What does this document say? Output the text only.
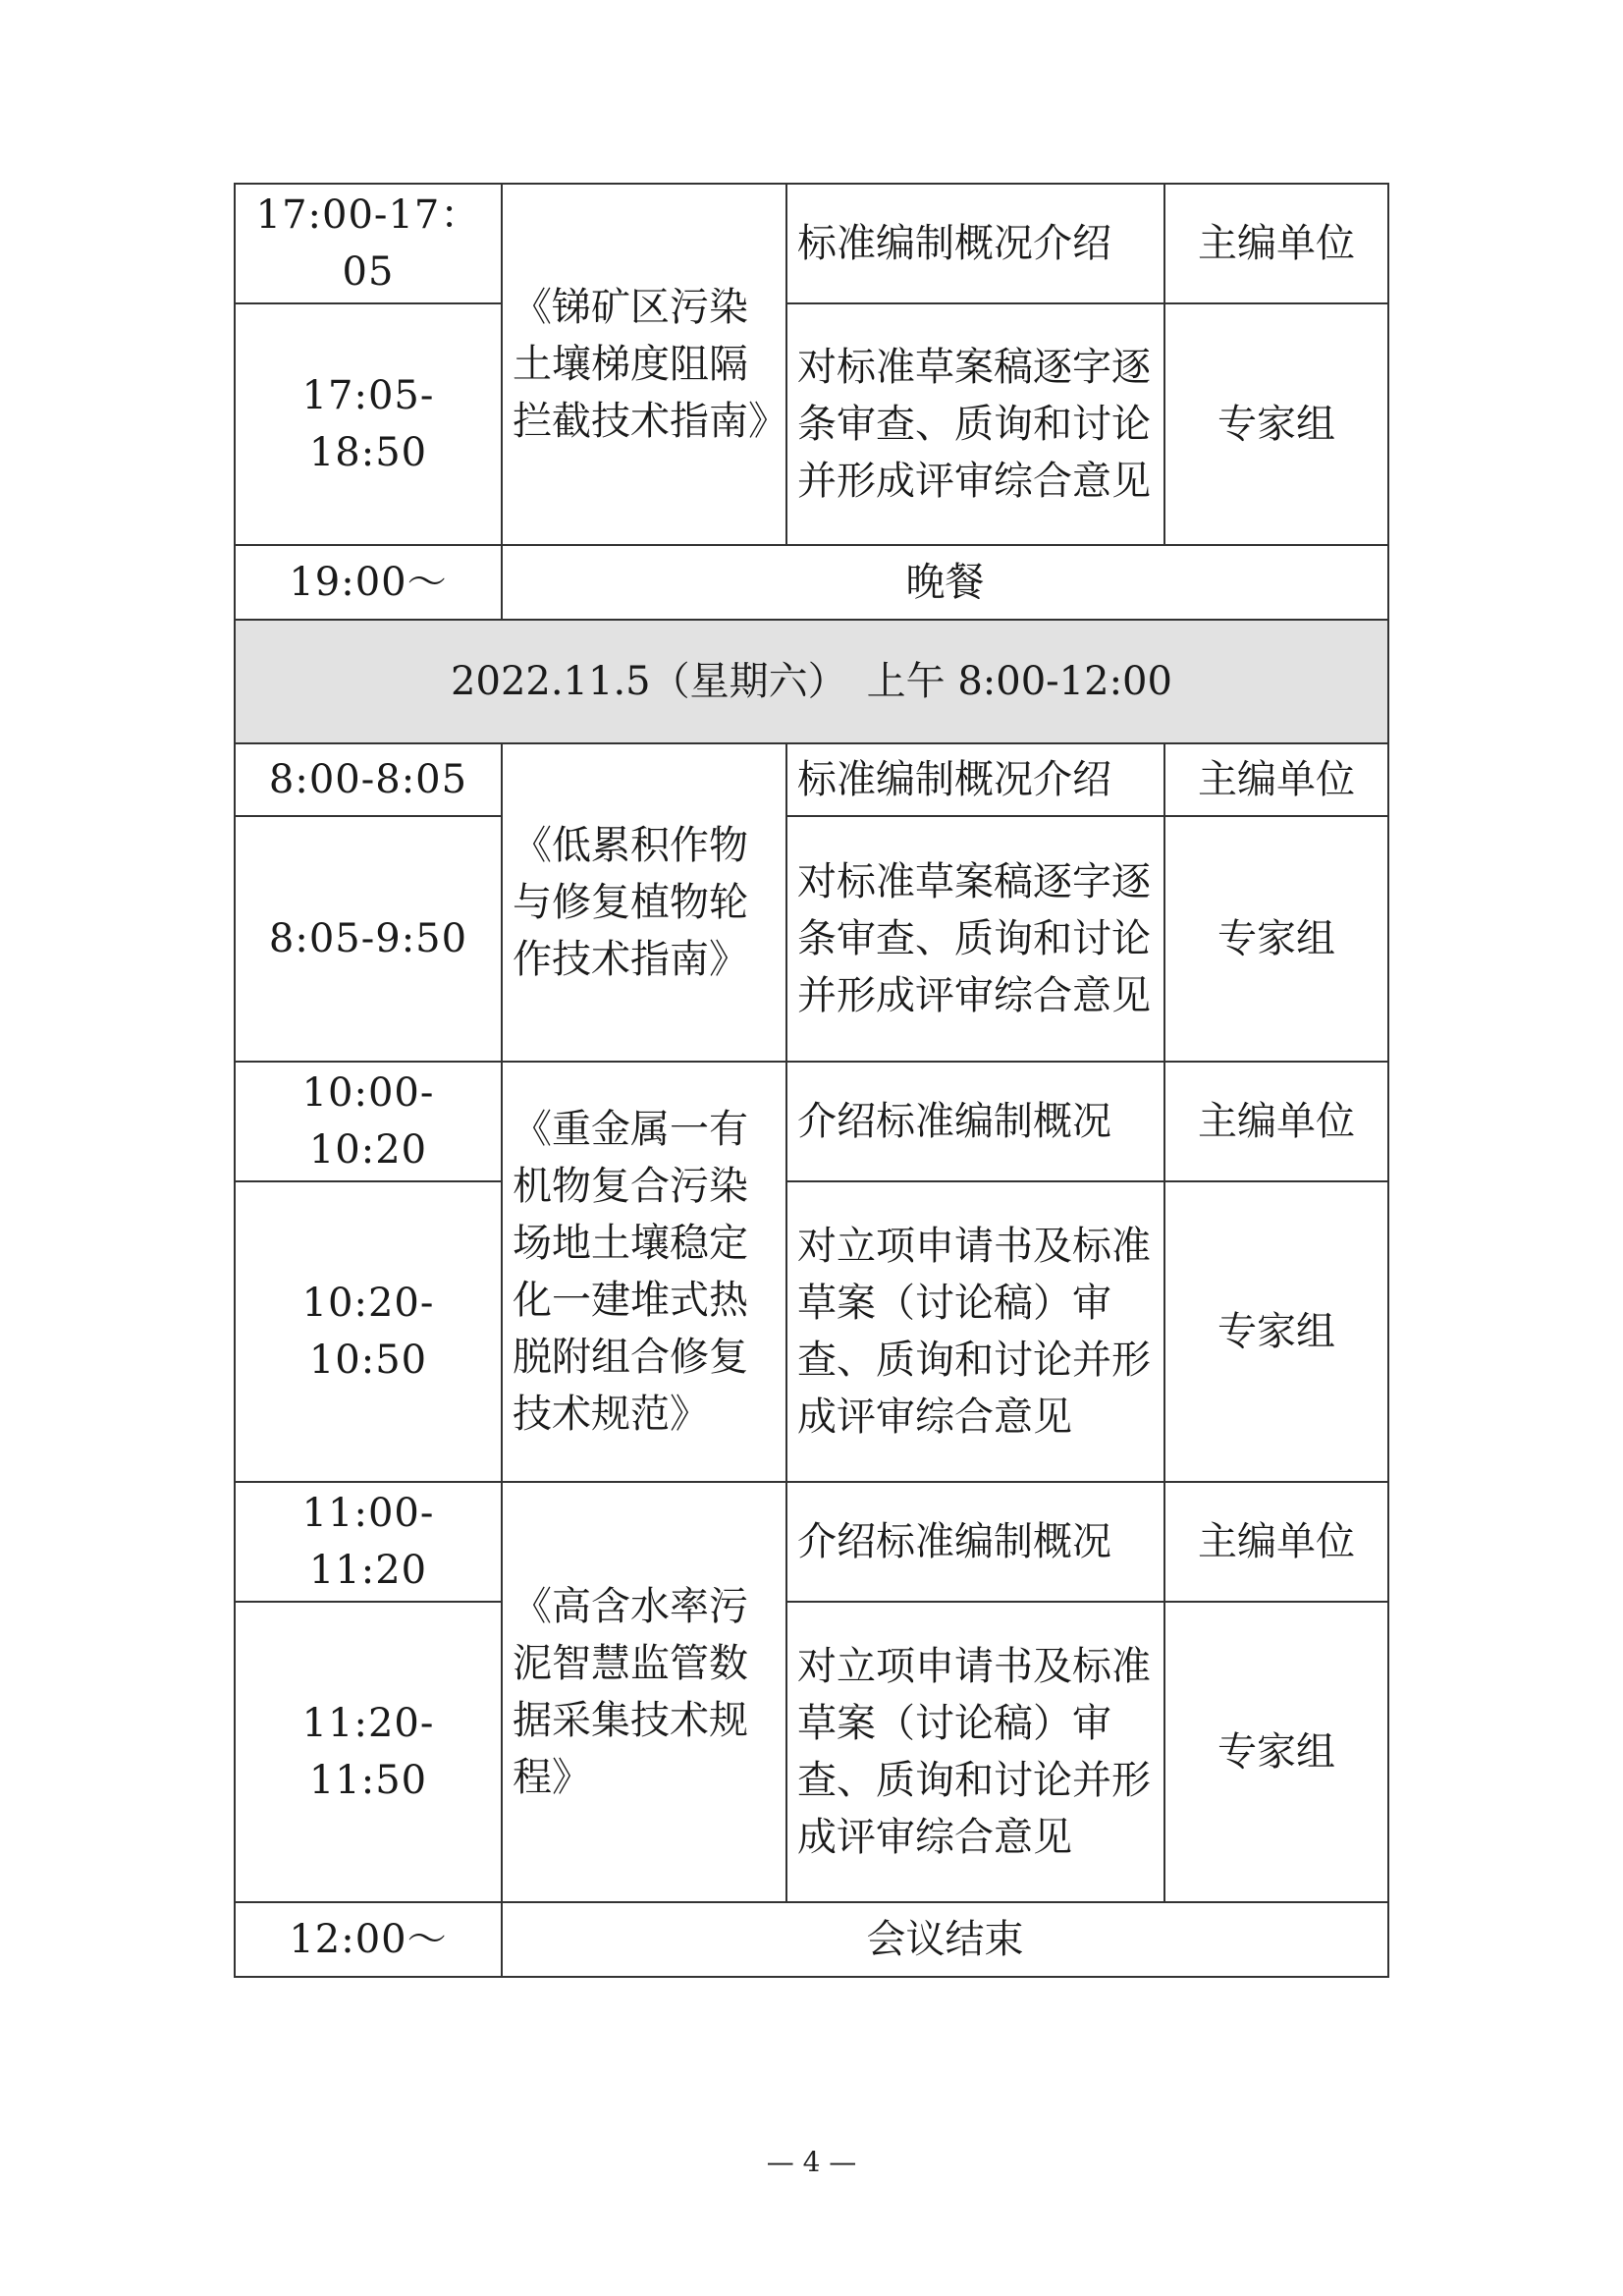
17:00-17：05	《锑矿区污染土壤梯度阻隔拦截技术指南》	标准编制概况介绍	主编单位
17:05-18:50		对标准草案稿逐字逐条审查、质询和讨论并形成评审综合意见	专家组
19:00～	晚餐		
2022.11.5（星期六）　上午 8:00-12:00			
8:00-8:05	《低累积作物与修复植物轮作技术指南》	标准编制概况介绍	主编单位
8:05-9:50		对标准草案稿逐字逐条审查、质询和讨论并形成评审综合意见	专家组
10:00-10:20	《重金属一有机物复合污染场地土壤稳定化一建堆式热脱附组合修复技术规范》	介绍标准编制概况	主编单位
10:20-10:50		对立项申请书及标准草案（讨论稿）审查、质询和讨论并形成评审综合意见	专家组
11:00-11:20	《高含水率污泥智慧监管数据采集技术规程》	介绍标准编制概况	主编单位
11:20-11:50		对立项申请书及标准草案（讨论稿）审查、质询和讨论并形成评审综合意见	专家组
12:00～	会议结束		
— 4 —
